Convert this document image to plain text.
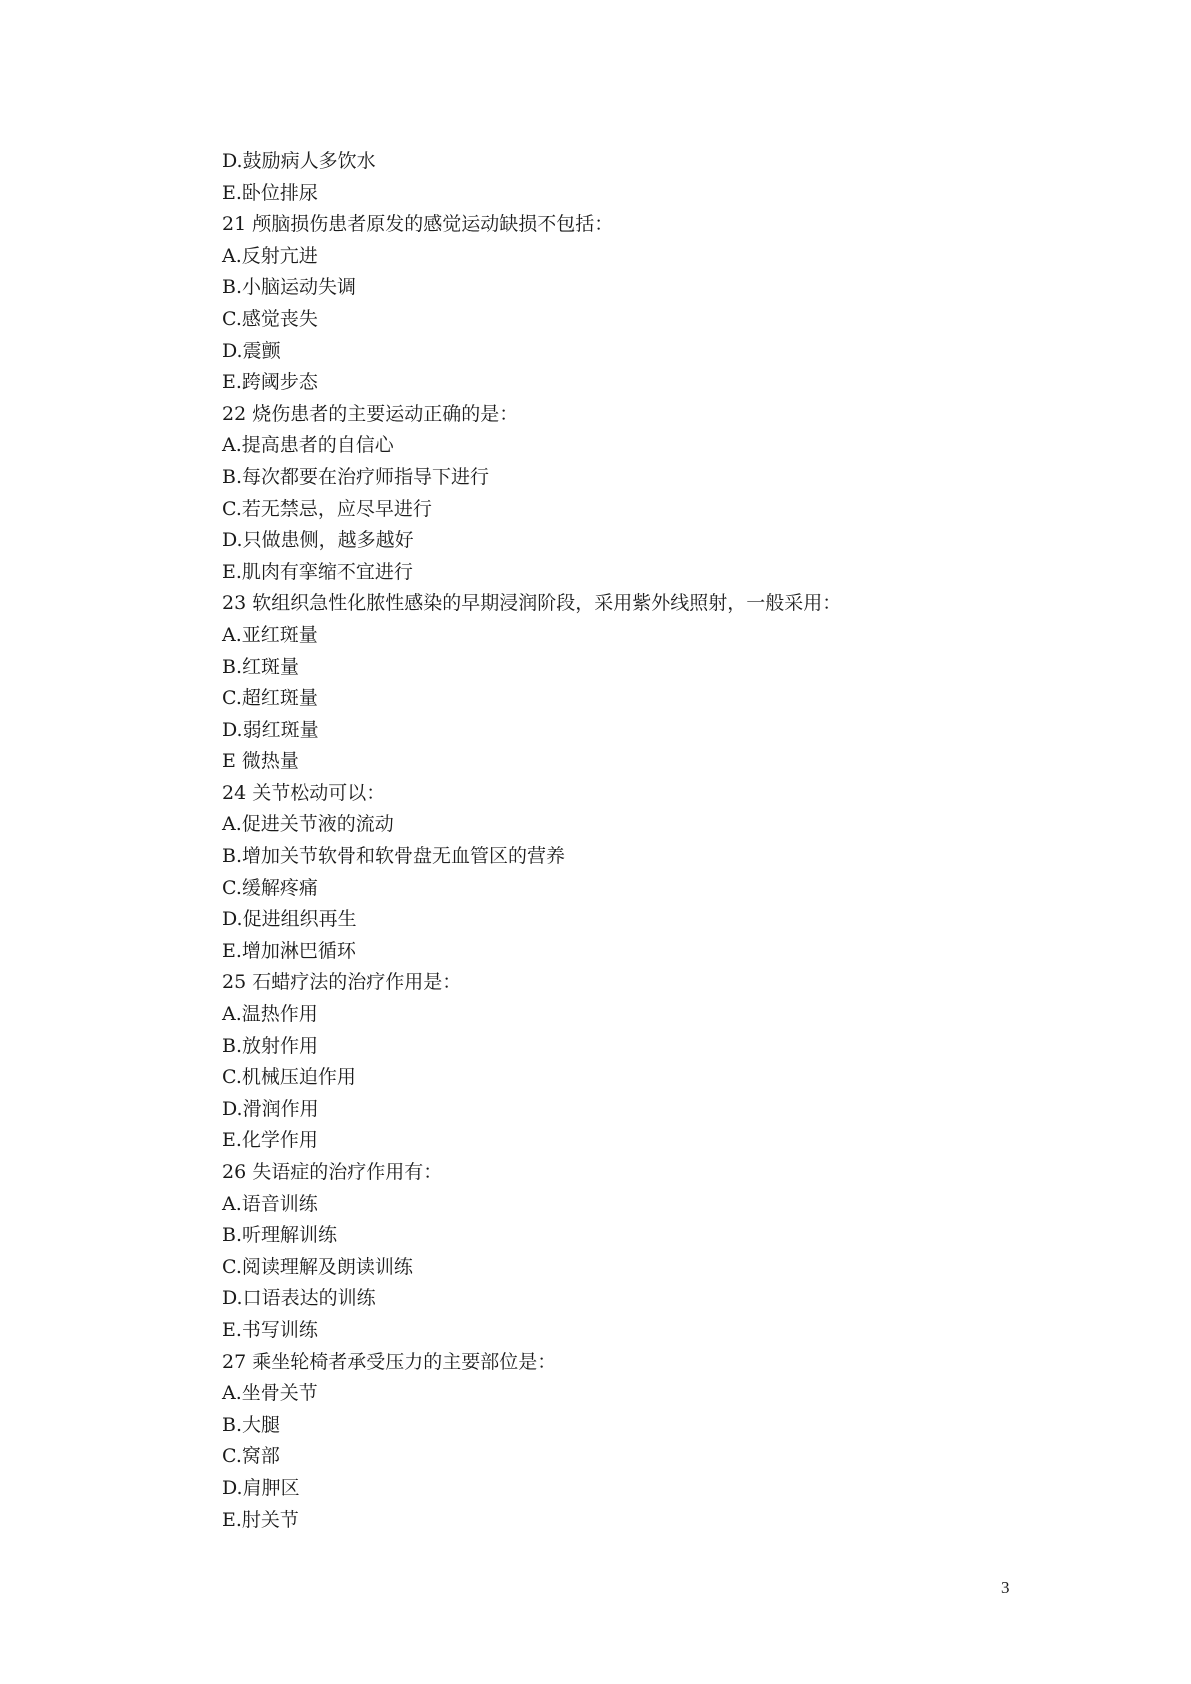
D.鼓励病人多饮水
E.卧位排尿
21 颅脑损伤患者原发的感觉运动缺损不包括：
A.反射亢进
B.小脑运动失调
C.感觉丧失
D.震颤
E.跨阈步态
22 烧伤患者的主要运动正确的是：
A.提高患者的自信心
B.每次都要在治疗师指导下进行
C.若无禁忌，应尽早进行
D.只做患侧，越多越好
E.肌肉有挛缩不宜进行
23 软组织急性化脓性感染的早期浸润阶段，采用紫外线照射，一般采用：
A.亚红斑量
B.红斑量
C.超红斑量
D.弱红斑量
E 微热量
24 关节松动可以：
A.促进关节液的流动
B.增加关节软骨和软骨盘无血管区的营养
C.缓解疼痛
D.促进组织再生
E.增加淋巴循环
25 石蜡疗法的治疗作用是：
A.温热作用
B.放射作用
C.机械压迫作用
D.滑润作用
E.化学作用
26 失语症的治疗作用有：
A.语音训练
B.听理解训练
C.阅读理解及朗读训练
D.口语表达的训练
E.书写训练
27 乘坐轮椅者承受压力的主要部位是：
A.坐骨关节
B.大腿
C.窝部
D.肩胛区
E.肘关节
3
